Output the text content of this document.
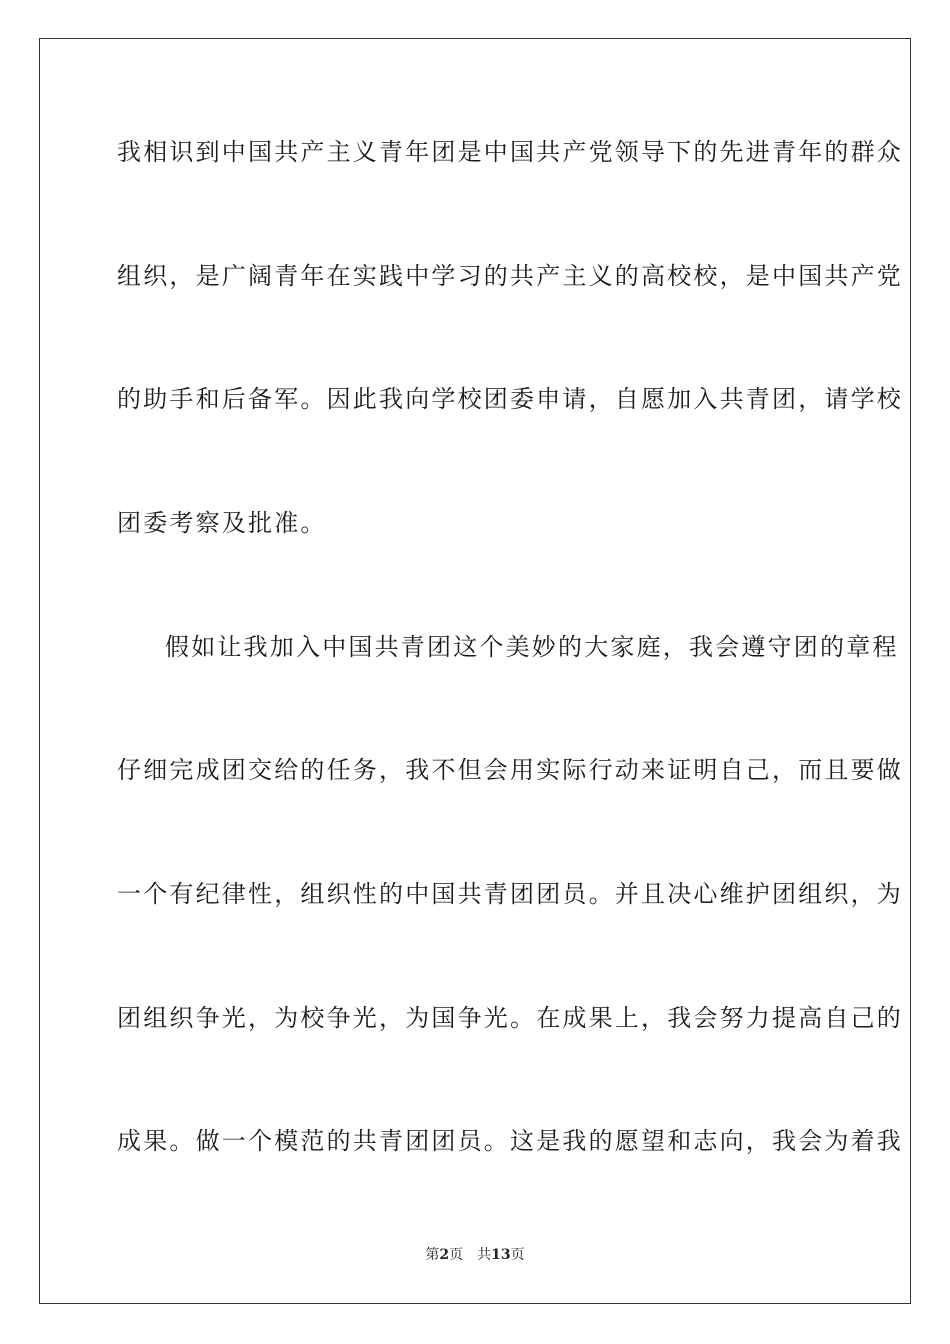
我相识到中国共产主义青年团是中国共产党领导下的先进青年的群众
组织，是广阔青年在实践中学习的共产主义的高校校，是中国共产党
的助手和后备军。因此我向学校团委申请，自愿加入共青团，请学校
团委考察及批准。
假如让我加入中国共青团这个美妙的大家庭，我会遵守团的章程
仔细完成团交给的任务，我不但会用实际行动来证明自己，而且要做
一个有纪律性，组织性的中国共青团团员。并且决心维护团组织，为
团组织争光，为校争光，为国争光。在成果上，我会努力提高自己的
成果。做一个模范的共青团团员。这是我的愿望和志向，我会为着我
第2页 共13页
